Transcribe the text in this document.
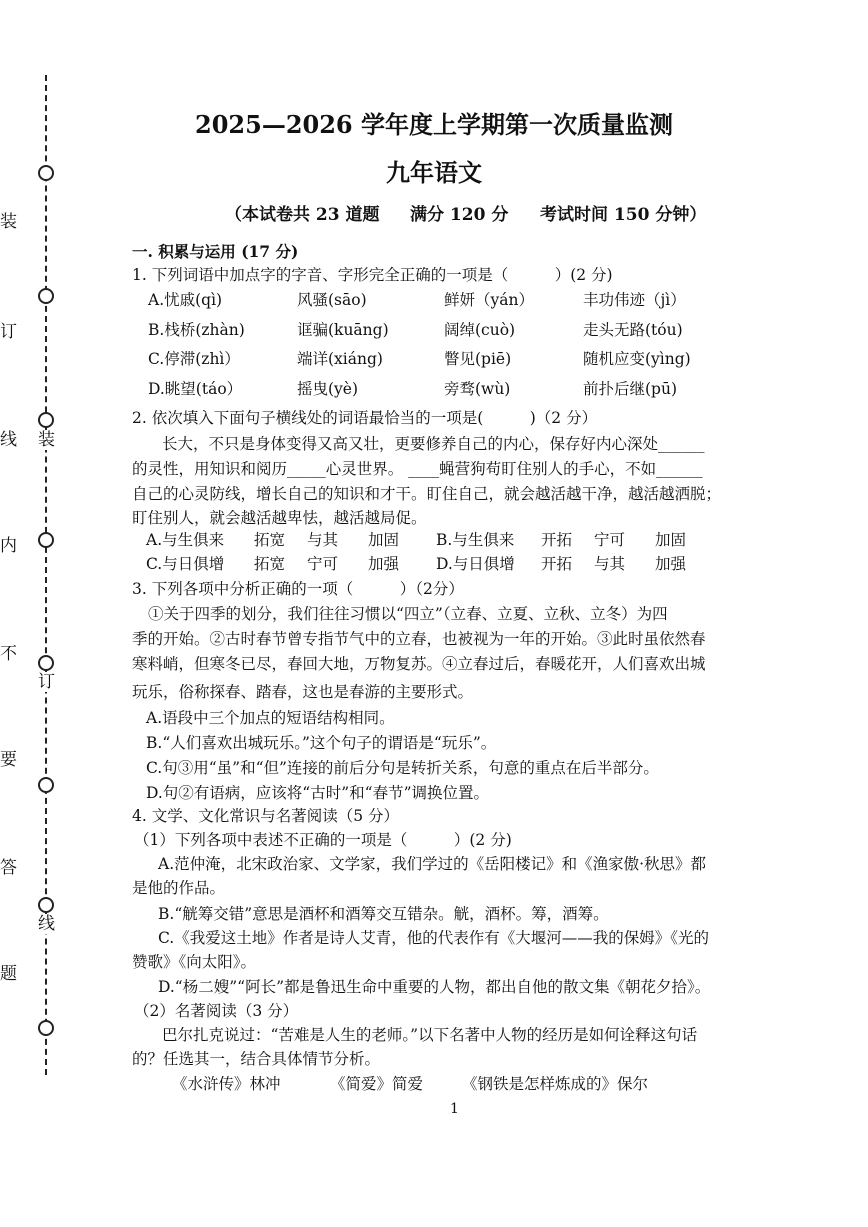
装
订
线
内
不
要
答
题
装
订
线
2025—2026 学年度上学期第一次质量监测
九年语文
（本试卷共 23 道题 满分 120 分 考试时间 150 分钟）
一. 积累与运用 (17 分)
1. 下列词语中加点字的字音、字形完全正确的一项是（　　　）(2 分)
A.忧戚(qì)	风骚(sāo)	鲜妍（yán）	丰功伟迹（jì）
B.栈桥(zhàn)	诓骗(kuāng)	阔绰(cuò)	走头无路(tóu)
C.停滞(zhì）	端详(xiáng)	瞥见(piē)	随机应变(yìng)
D.眺望(táo）	摇曳(yè)	旁骛(wù)	前扑后继(pū)
2. 依次填入下面句子横线处的词语最恰当的一项是(　　　)（2 分）
长大，不只是身体变得又高又壮，更要修养自己的内心，保存好内心深处______
的灵性，用知识和阅历_____心灵世界。 ____蝇营狗苟盯住别人的手心，不如______
自己的心灵防线，增长自己的知识和才干。盯住自己，就会越活越干净，越活越洒脱；
盯住别人，就会越活越卑怯，越活越局促。
A.与生俱来 拓宽 与其 加固 B.与生俱来 开拓 宁可 加固
C.与日俱增 拓宽 宁可 加强 D.与日俱增 开拓 与其 加强
3. 下列各项中分析正确的一项（　　　）（2分）
①关于四季的划分，我们往往习惯以“四立”（立春、立夏、立秋、立冬）为四
季的开始。②古时春节曾专指节气中的立春，也被视为一年的开始。③此时虽依然春
寒料峭，但寒冬已尽，春回大地，万物复苏。④立春过后，春暖花开，人们喜欢出城
玩乐，俗称探春、踏春，这也是春游的主要形式。
A.语段中三个加点的短语结构相同。
B.“人们喜欢出城玩乐。”这个句子的谓语是“玩乐”。
C.句③用“虽”和“但”连接的前后分句是转折关系，句意的重点在后半部分。
D.句②有语病，应该将“古时”和“春节”调换位置。
4. 文学、文化常识与名著阅读（5 分）
（1）下列各项中表述不正确的一项是（　　　）(2 分)
A.范仲淹，北宋政治家、文学家，我们学过的《岳阳楼记》和《渔家傲·秋思》都
是他的作品。
B.“觥筹交错”意思是酒杯和酒筹交互错杂。觥，酒杯。筹，酒筹。
C.《我爱这土地》作者是诗人艾青，他的代表作有《大堰河——我的保姆》《光的
赞歌》《向太阳》。
D.“杨二嫂”“阿长”都是鲁迅生命中重要的人物，都出自他的散文集《朝花夕拾》。
（2）名著阅读（3 分）
巴尔扎克说过：“苦难是人生的老师。”以下名著中人物的经历是如何诠释这句话
的？任选其一，结合具体情节分析。
《水浒传》林冲	《简爱》简爱	《钢铁是怎样炼成的》保尔
1
